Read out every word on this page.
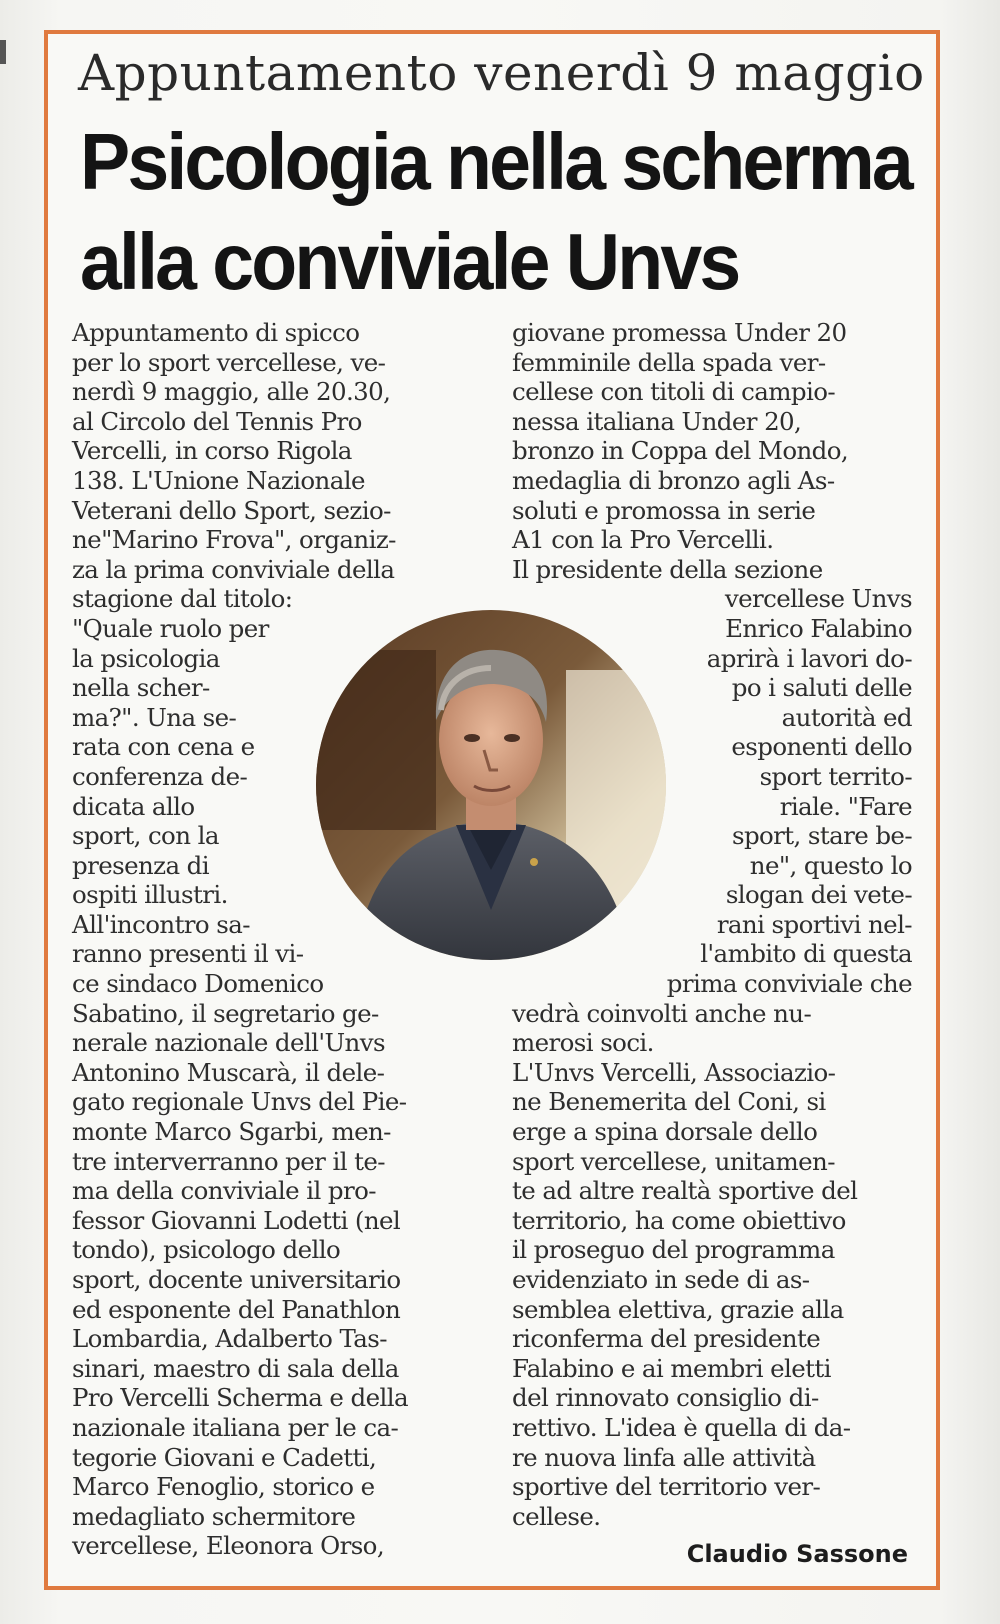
Appuntamento venerdì 9 maggio
Psicologia nella scherma
alla conviviale Unvs
Appuntamento di spicco
per lo sport vercellese, ve-
nerdì 9 maggio, alle 20.30,
al Circolo del Tennis Pro
Vercelli, in corso Rigola
138. L'Unione Nazionale
Veterani dello Sport, sezio-
ne"Marino Frova", organiz-
za la prima conviviale della
stagione dal titolo:
"Quale ruolo per
la psicologia
nella scher-
ma?". Una se-
rata con cena e
conferenza de-
dicata allo
sport, con la
presenza di
ospiti illustri.
All'incontro sa-
ranno presenti il vi-
ce sindaco Domenico
Sabatino, il segretario ge-
nerale nazionale dell'Unvs
Antonino Muscarà, il dele-
gato regionale Unvs del Pie-
monte Marco Sgarbi, men-
tre interverranno per il te-
ma della conviviale il pro-
fessor Giovanni Lodetti (nel
tondo), psicologo dello
sport, docente universitario
ed esponente del Panathlon
Lombardia, Adalberto Tas-
sinari, maestro di sala della
Pro Vercelli Scherma e della
nazionale italiana per le ca-
tegorie Giovani e Cadetti,
Marco Fenoglio, storico e
medagliato schermitore
vercellese, Eleonora Orso,
giovane promessa Under 20
femminile della spada ver-
cellese con titoli di campio-
nessa italiana Under 20,
bronzo in Coppa del Mondo,
medaglia di bronzo agli As-
soluti e promossa in serie
A1 con la Pro Vercelli.
Il presidente della sezione
vercellese Unvs
Enrico Falabino
aprirà i lavori do-
po i saluti delle
autorità ed
esponenti dello
sport territo-
riale. "Fare
sport, stare be-
ne", questo lo
slogan dei vete-
rani sportivi nel-
l'ambito di questa
prima conviviale che
vedrà coinvolti anche nu-
merosi soci.
L'Unvs Vercelli, Associazio-
ne Benemerita del Coni, si
erge a spina dorsale dello
sport vercellese, unitamen-
te ad altre realtà sportive del
territorio, ha come obiettivo
il proseguo del programma
evidenziato in sede di as-
semblea elettiva, grazie alla
riconferma del presidente
Falabino e ai membri eletti
del rinnovato consiglio di-
rettivo. L'idea è quella di da-
re nuova linfa alle attività
sportive del territorio ver-
cellese.
Claudio Sassone
